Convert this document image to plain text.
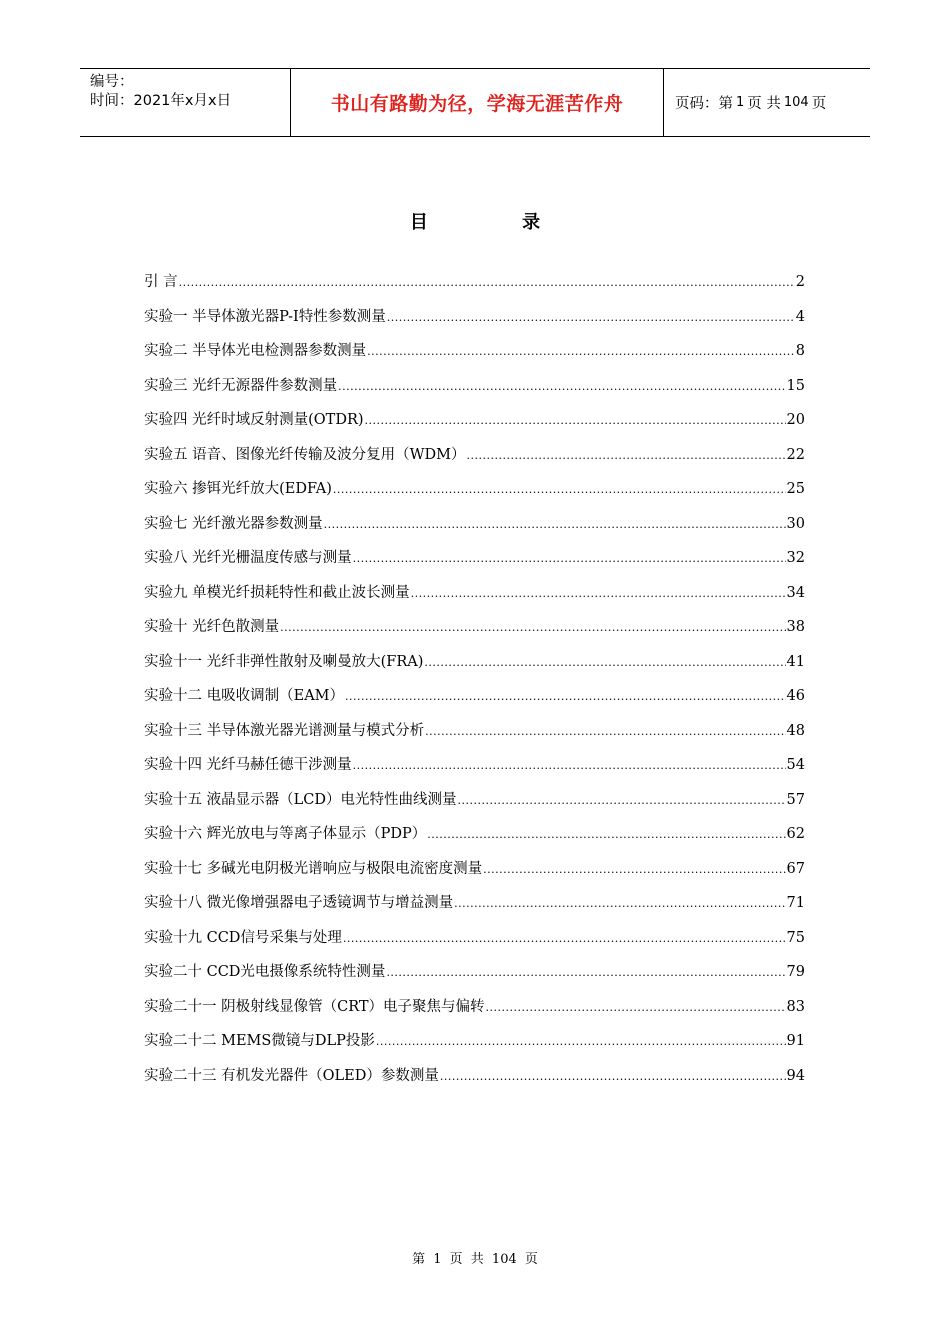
编号：
时间：2021年x月x日	书山有路勤为径，学海无涯苦作舟	页码：第 1 页 共 104 页
目	录
引 言 .....	2
实验一 半导体激光器P-I特性参数测量 .....	4
实验二 半导体光电检测器参数测量 .....	8
实验三 光纤无源器件参数测量 .....	15
实验四 光纤时域反射测量(OTDR) .....	20
实验五 语音、图像光纤传输及波分复用（WDM） .....	22
实验六 掺铒光纤放大(EDFA) .....	25
实验七 光纤激光器参数测量 .....	30
实验八 光纤光栅温度传感与测量 .....	32
实验九 单模光纤损耗特性和截止波长测量 .....	34
实验十 光纤色散测量 .....	38
实验十一 光纤非弹性散射及喇曼放大(FRA) .....	41
实验十二 电吸收调制（EAM） .....	46
实验十三 半导体激光器光谱测量与模式分析 .....	48
实验十四 光纤马赫任德干涉测量 .....	54
实验十五 液晶显示器（LCD）电光特性曲线测量 .....	57
实验十六 辉光放电与等离子体显示（PDP） .....	62
实验十七 多碱光电阴极光谱响应与极限电流密度测量 .....	67
实验十八 微光像增强器电子透镜调节与增益测量 .....	71
实验十九 CCD信号采集与处理 .....	75
实验二十 CCD光电摄像系统特性测量 .....	79
实验二十一 阴极射线显像管（CRT）电子聚焦与偏转 .....	83
实验二十二 MEMS微镜与DLP投影 .....	91
实验二十三 有机发光器件（OLED）参数测量 .....	94
第 1 页 共 104 页
